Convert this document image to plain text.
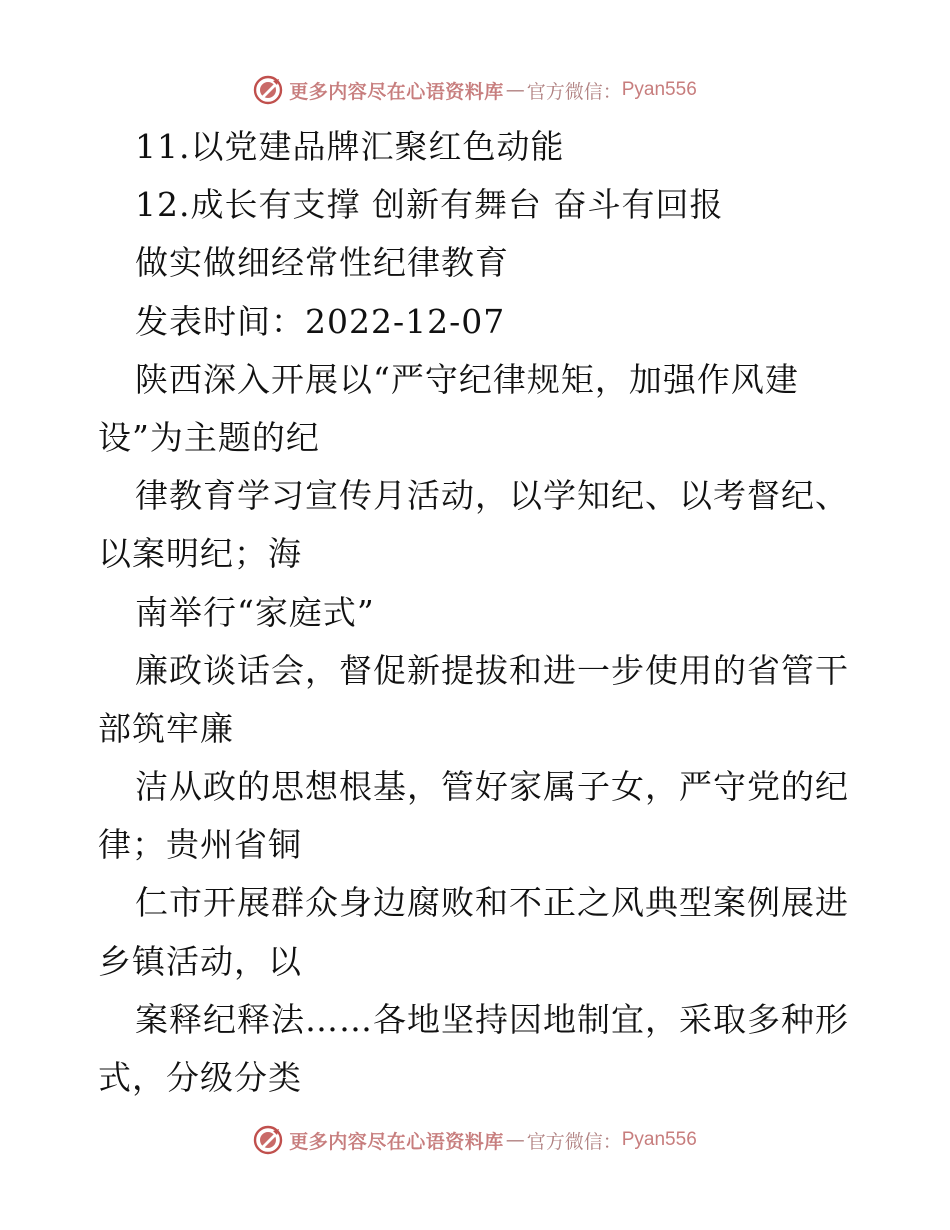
更多内容尽在心语资料库 — 官方微信： Pyan556
11.以党建品牌汇聚红色动能
12.成长有支撑 创新有舞台 奋斗有回报
做实做细经常性纪律教育
发表时间：2022-12-07
陕西深入开展以“严守纪律规矩，加强作风建
设”为主题的纪
律教育学习宣传月活动，以学知纪、以考督纪、
以案明纪；海
南举行“家庭式”
廉政谈话会，督促新提拔和进一步使用的省管干
部筑牢廉
洁从政的思想根基，管好家属子女，严守党的纪
律；贵州省铜
仁市开展群众身边腐败和不正之风典型案例展进
乡镇活动，以
案释纪释法……各地坚持因地制宜，采取多种形
式，分级分类
更多内容尽在心语资料库 — 官方微信： Pyan556
